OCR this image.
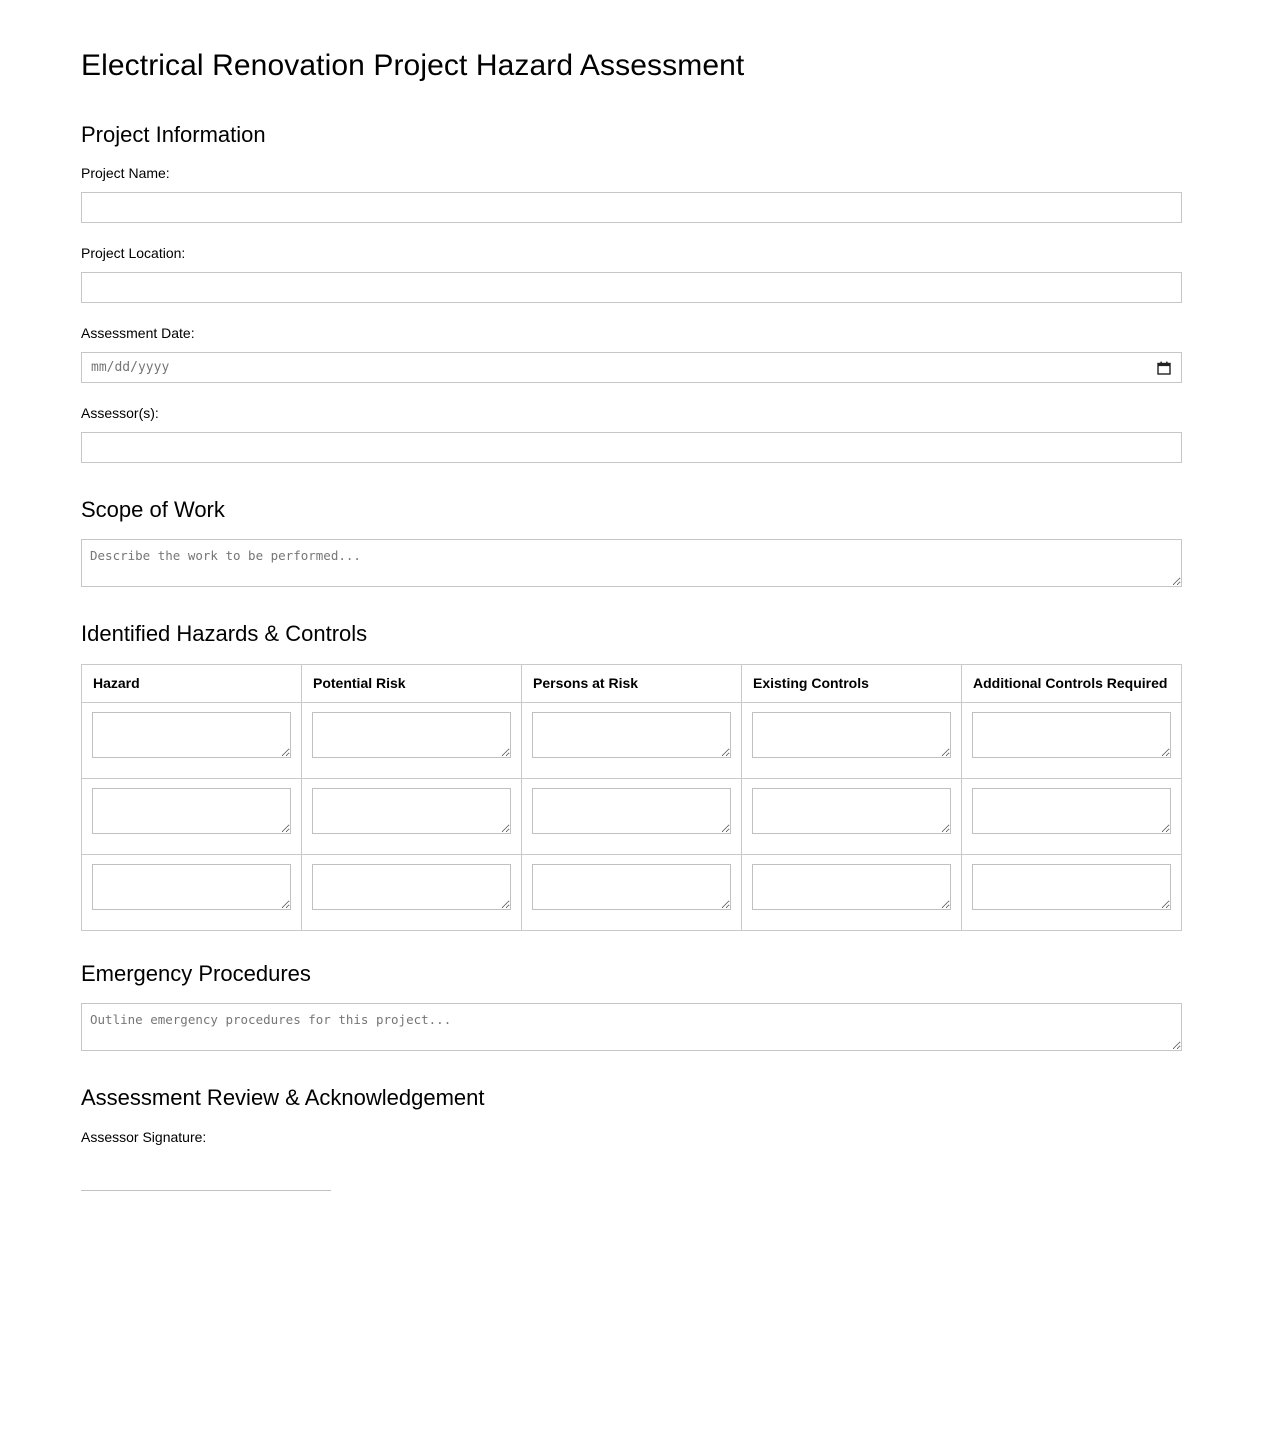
Electrical Renovation Project Hazard Assessment
Project Information
Project Name:
Project Location:
Assessment Date:
mm/dd/yyyy
Assessor(s):
Scope of Work
Describe the work to be performed...
Identified Hazards & Controls
Hazard	Potential Risk	Persons at Risk	Existing Controls	Additional Controls Required

Emergency Procedures
Outline emergency procedures for this project...
Assessment Review & Acknowledgement
Assessor Signature:
